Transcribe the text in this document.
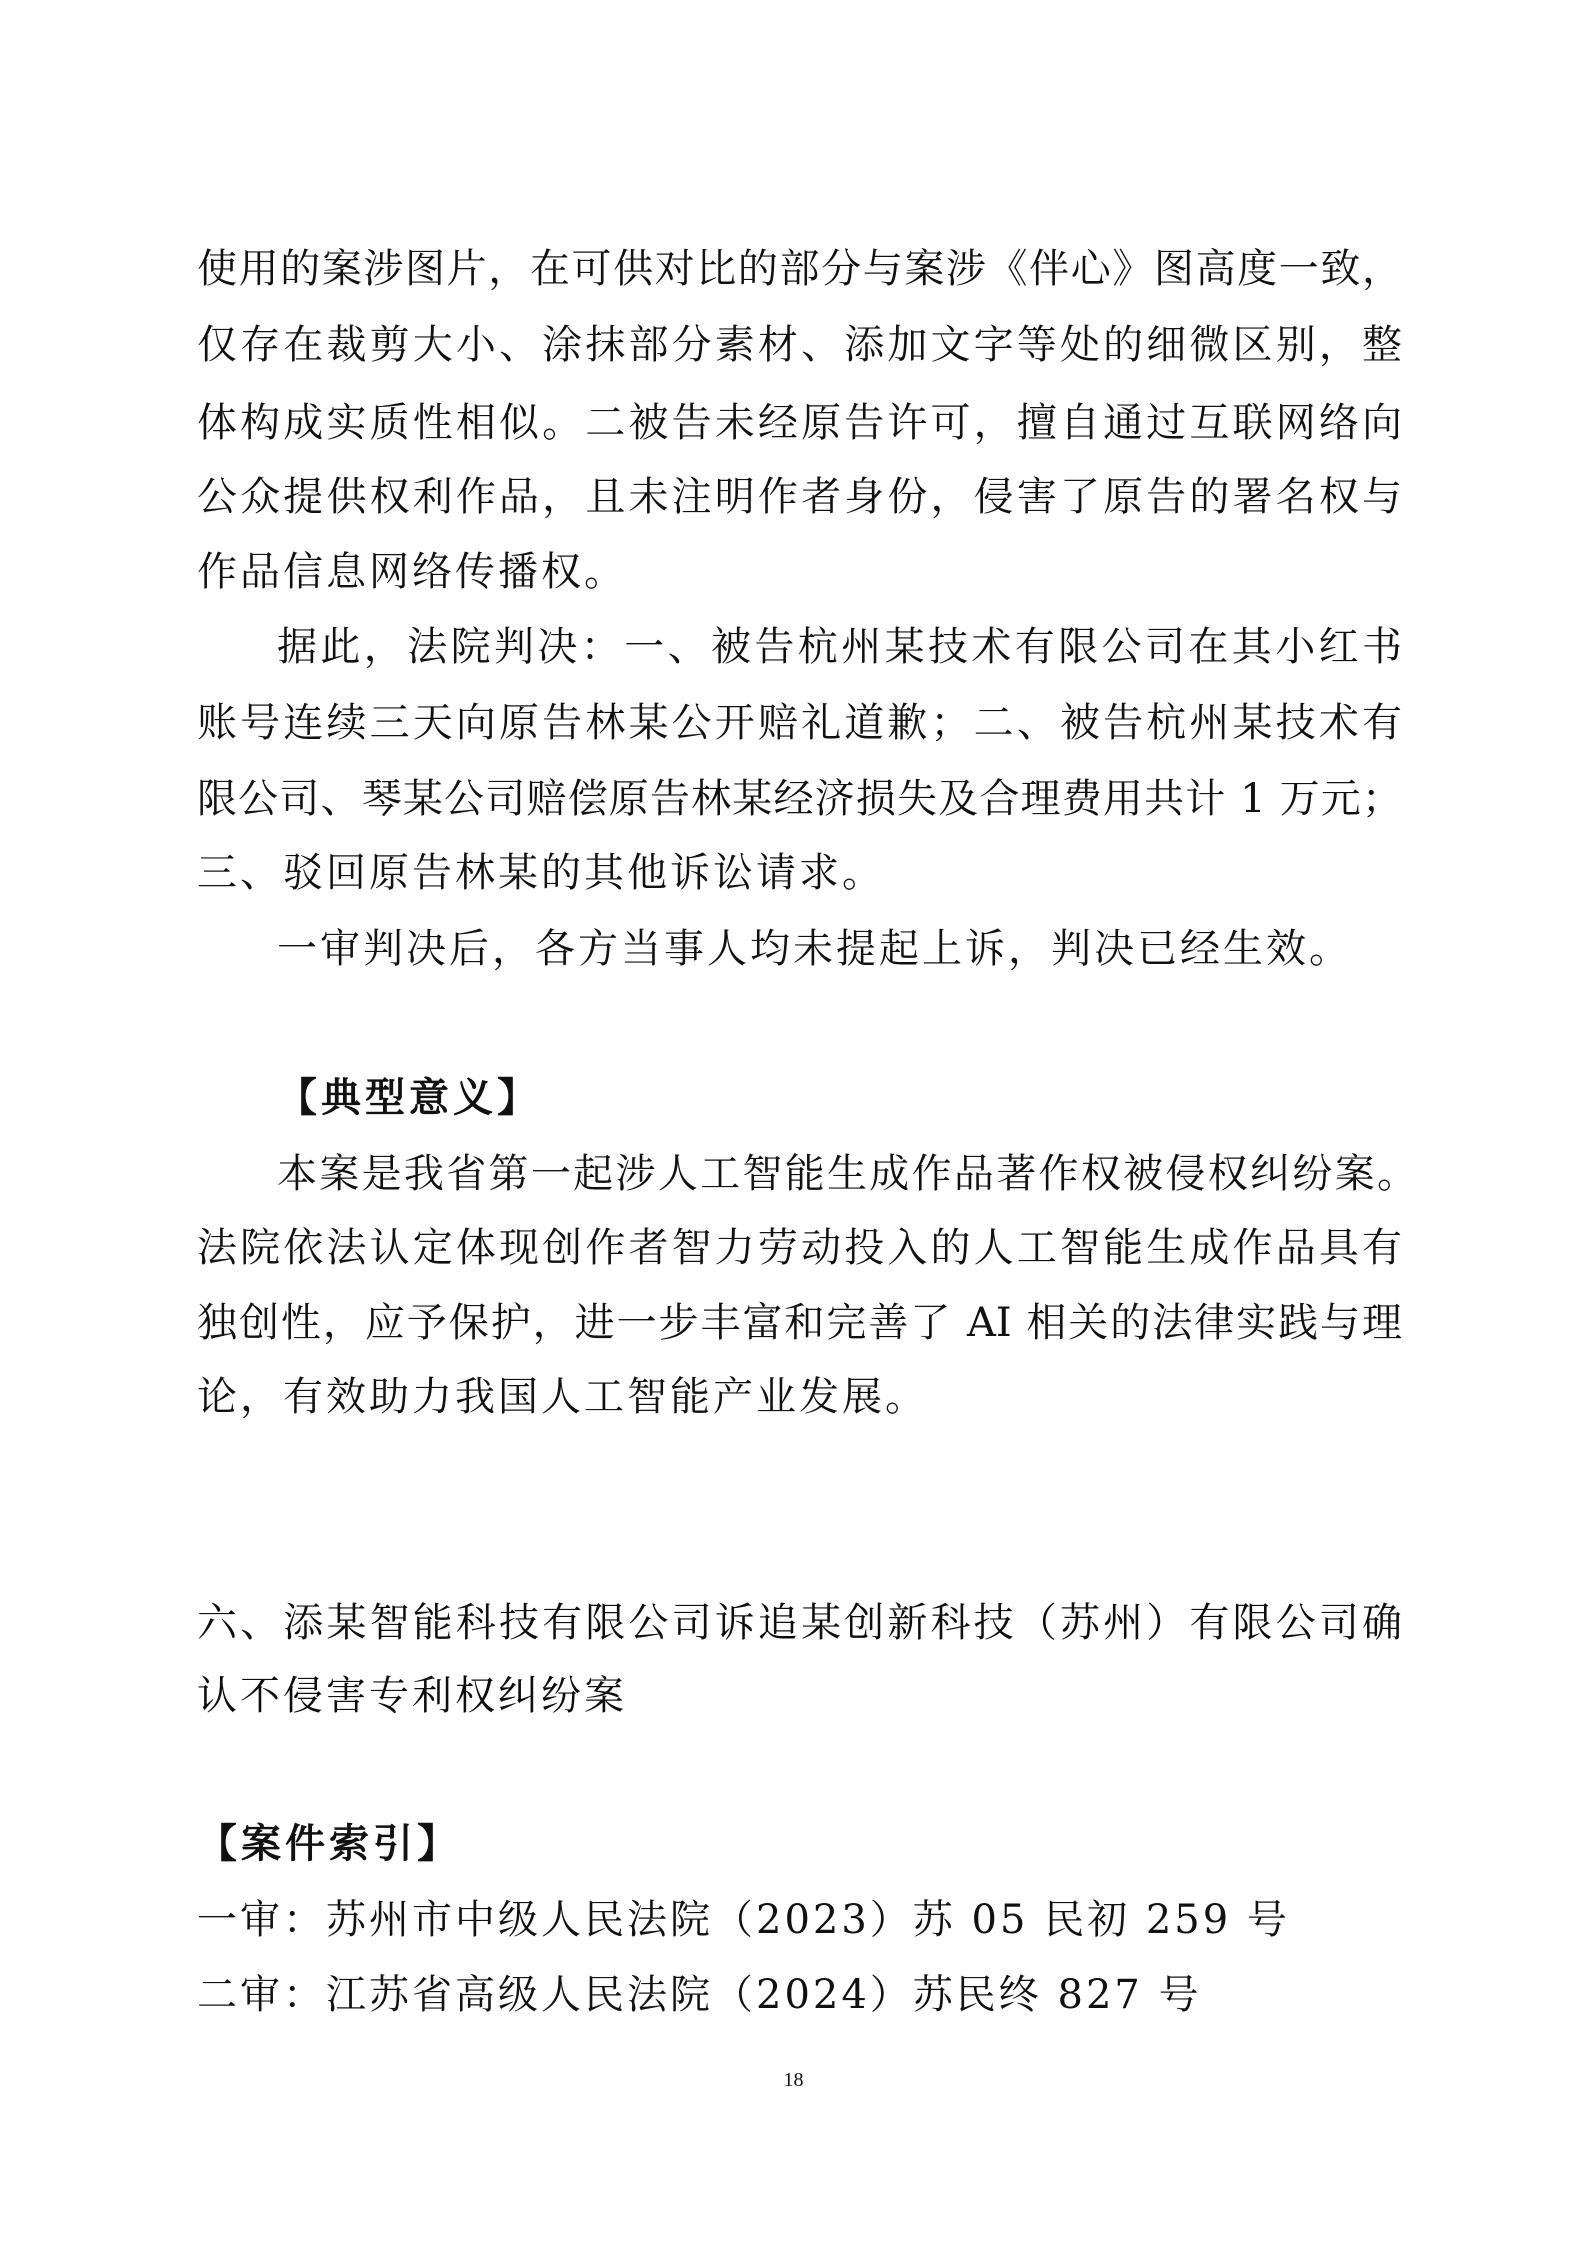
使用的案涉图片，在可供对比的部分与案涉《伴心》图高度一致，
仅存在裁剪大小、涂抹部分素材、添加文字等处的细微区别，整
体构成实质性相似。二被告未经原告许可，擅自通过互联网络向
公众提供权利作品，且未注明作者身份，侵害了原告的署名权与
作品信息网络传播权。
据此，法院判决：一、被告杭州某技术有限公司在其小红书
账号连续三天向原告林某公开赔礼道歉；二、被告杭州某技术有
限公司、琴某公司赔偿原告林某经济损失及合理费用共计 1 万元；
三、驳回原告林某的其他诉讼请求。
一审判决后，各方当事人均未提起上诉，判决已经生效。
【典型意义】
本案是我省第一起涉人工智能生成作品著作权被侵权纠纷案。
法院依法认定体现创作者智力劳动投入的人工智能生成作品具有
独创性，应予保护，进一步丰富和完善了 AI 相关的法律实践与理
论，有效助力我国人工智能产业发展。
六、添某智能科技有限公司诉追某创新科技（苏州）有限公司确
认不侵害专利权纠纷案
【案件索引】
一审：苏州市中级人民法院（2023）苏 05 民初 259 号
二审：江苏省高级人民法院（2024）苏民终 827 号
18
